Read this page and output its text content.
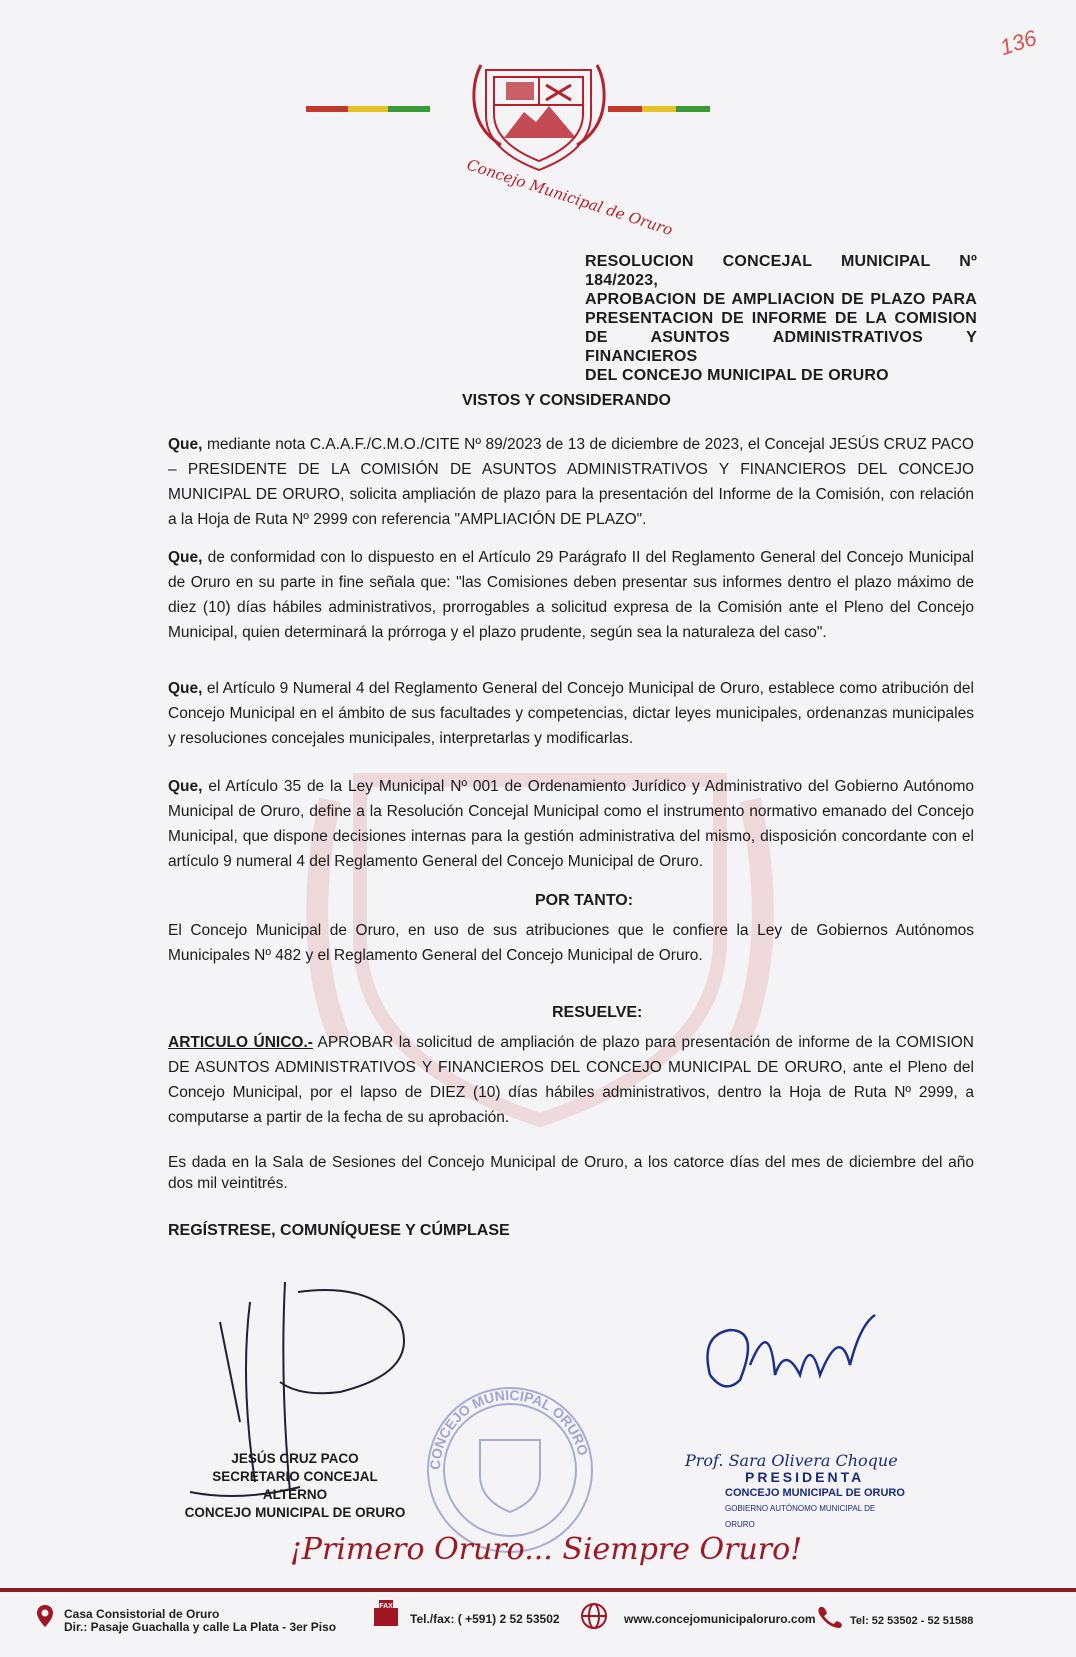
Concejo Municipal de Oruro
136
RESOLUCION CONCEJAL MUNICIPAL Nº 184/2023,
APROBACION DE AMPLIACION DE PLAZO PARA
PRESENTACION DE INFORME DE LA COMISION
DE ASUNTOS ADMINISTRATIVOS Y FINANCIEROS
DEL CONCEJO MUNICIPAL DE ORURO
VISTOS Y CONSIDERANDO
Que, mediante nota C.A.A.F./C.M.O./CITE Nº 89/2023 de 13 de diciembre de 2023, el Concejal JESÚS CRUZ PACO – PRESIDENTE DE LA COMISIÓN DE ASUNTOS ADMINISTRATIVOS Y FINANCIEROS DEL CONCEJO MUNICIPAL DE ORURO, solicita ampliación de plazo para la presentación del Informe de la Comisión, con relación a la Hoja de Ruta Nº 2999 con referencia "AMPLIACIÓN DE PLAZO".
Que, de conformidad con lo dispuesto en el Artículo 29 Parágrafo II del Reglamento General del Concejo Municipal de Oruro en su parte in fine señala que: "las Comisiones deben presentar sus informes dentro el plazo máximo de diez (10) días hábiles administrativos, prorrogables a solicitud expresa de la Comisión ante el Pleno del Concejo Municipal, quien determinará la prórroga y el plazo prudente, según sea la naturaleza del caso".
Que, el Artículo 9 Numeral 4 del Reglamento General del Concejo Municipal de Oruro, establece como atribución del Concejo Municipal en el ámbito de sus facultades y competencias, dictar leyes municipales, ordenanzas municipales y resoluciones concejales municipales, interpretarlas y modificarlas.
Que, el Artículo 35 de la Ley Municipal Nº 001 de Ordenamiento Jurídico y Administrativo del Gobierno Autónomo Municipal de Oruro, define a la Resolución Concejal Municipal como el instrumento normativo emanado del Concejo Municipal, que dispone decisiones internas para la gestión administrativa del mismo, disposición concordante con el artículo 9 numeral 4 del Reglamento General del Concejo Municipal de Oruro.
POR TANTO:
El Concejo Municipal de Oruro, en uso de sus atribuciones que le confiere la Ley de Gobiernos Autónomos Municipales Nº 482 y el Reglamento General del Concejo Municipal de Oruro.
RESUELVE:
ARTICULO ÚNICO.- APROBAR la solicitud de ampliación de plazo para presentación de informe de la COMISION DE ASUNTOS ADMINISTRATIVOS Y FINANCIEROS DEL CONCEJO MUNICIPAL DE ORURO, ante el Pleno del Concejo Municipal, por el lapso de DIEZ (10) días hábiles administrativos, dentro la Hoja de Ruta Nº 2999, a computarse a partir de la fecha de su aprobación.
Es dada en la Sala de Sesiones del Concejo Municipal de Oruro, a los catorce días del mes de diciembre del año dos mil veintitrés.
REGÍSTRESE, COMUNÍQUESE Y CÚMPLASE
JESÚS CRUZ PACO
SECRETARIO CONCEJAL ALTERNO
CONCEJO MUNICIPAL DE ORURO
CONCEJO MUNICIPAL ORURO
Prof. Sara Olivera Choque
PRESIDENTA
CONCEJO MUNICIPAL DE ORURO
GOBIERNO AUTÓNOMO MUNICIPAL DE ORURO
¡Primero Oruro... Siempre Oruro!
Casa Consistorial de Oruro
Dir.: Pasaje Guachalla y calle La Plata - 3er Piso
FAX
Tel./fax: ( +591) 2 52 53502	www.concejomunicipaloruro.com	Tel: 52 53502 - 52 51588
